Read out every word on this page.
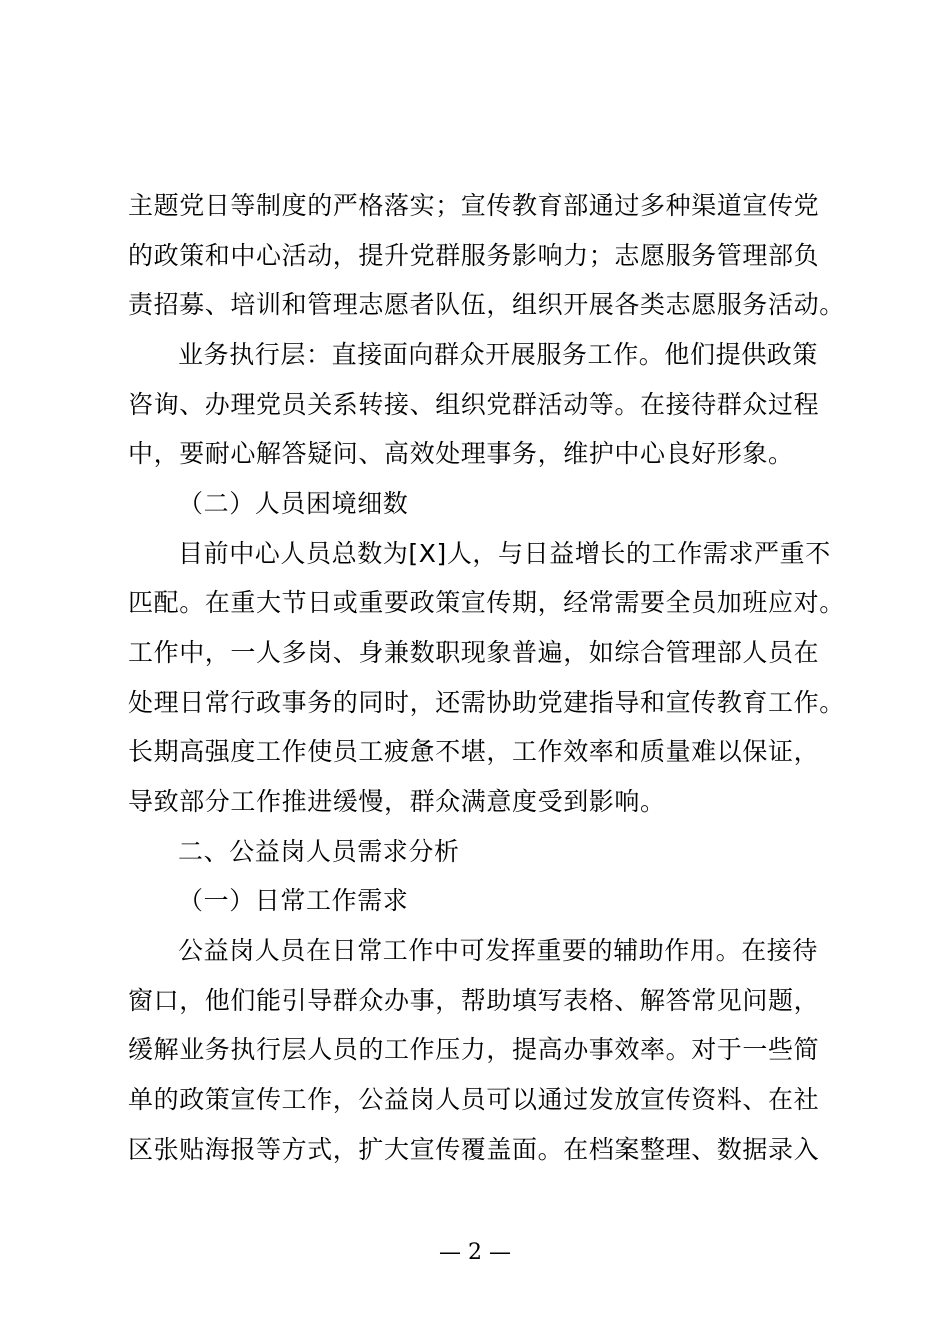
主题党日等制度的严格落实；宣传教育部通过多种渠道宣传党
的政策和中心活动，提升党群服务影响力；志愿服务管理部负
责招募、培训和管理志愿者队伍，组织开展各类志愿服务活动。
业务执行层：直接面向群众开展服务工作。他们提供政策
咨询、办理党员关系转接、组织党群活动等。在接待群众过程
中，要耐心解答疑问、高效处理事务，维护中心良好形象。
（二）人员困境细数
目前中心人员总数为[X]人，与日益增长的工作需求严重不
匹配。在重大节日或重要政策宣传期，经常需要全员加班应对。
工作中，一人多岗、身兼数职现象普遍，如综合管理部人员在
处理日常行政事务的同时，还需协助党建指导和宣传教育工作。
长期高强度工作使员工疲惫不堪，工作效率和质量难以保证，
导致部分工作推进缓慢，群众满意度受到影响。
二、公益岗人员需求分析
（一）日常工作需求
公益岗人员在日常工作中可发挥重要的辅助作用。在接待
窗口，他们能引导群众办事，帮助填写表格、解答常见问题，
缓解业务执行层人员的工作压力，提高办事效率。对于一些简
单的政策宣传工作，公益岗人员可以通过发放宣传资料、在社
区张贴海报等方式，扩大宣传覆盖面。在档案整理、数据录入
— 2 —
